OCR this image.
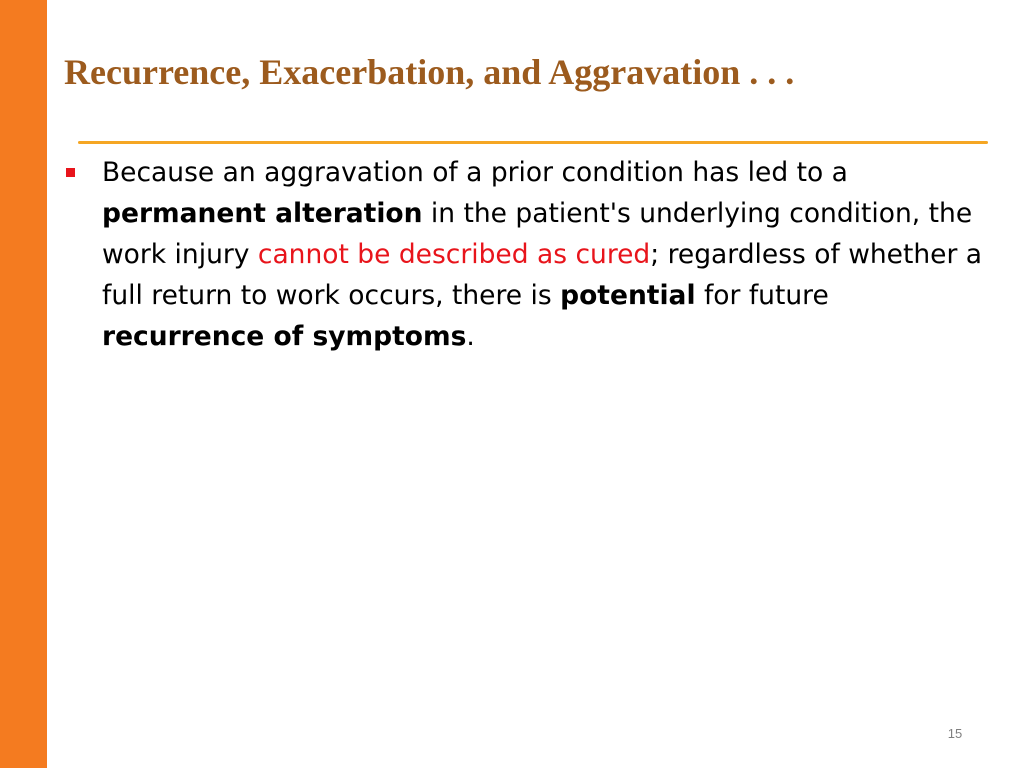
Recurrence, Exacerbation, and Aggravation . . .
Because an aggravation of a prior condition has led to a permanent alteration in the patient's underlying condition, the work injury cannot be described as cured; regardless of whether a full return to work occurs, there is potential for future recurrence of symptoms.
15
